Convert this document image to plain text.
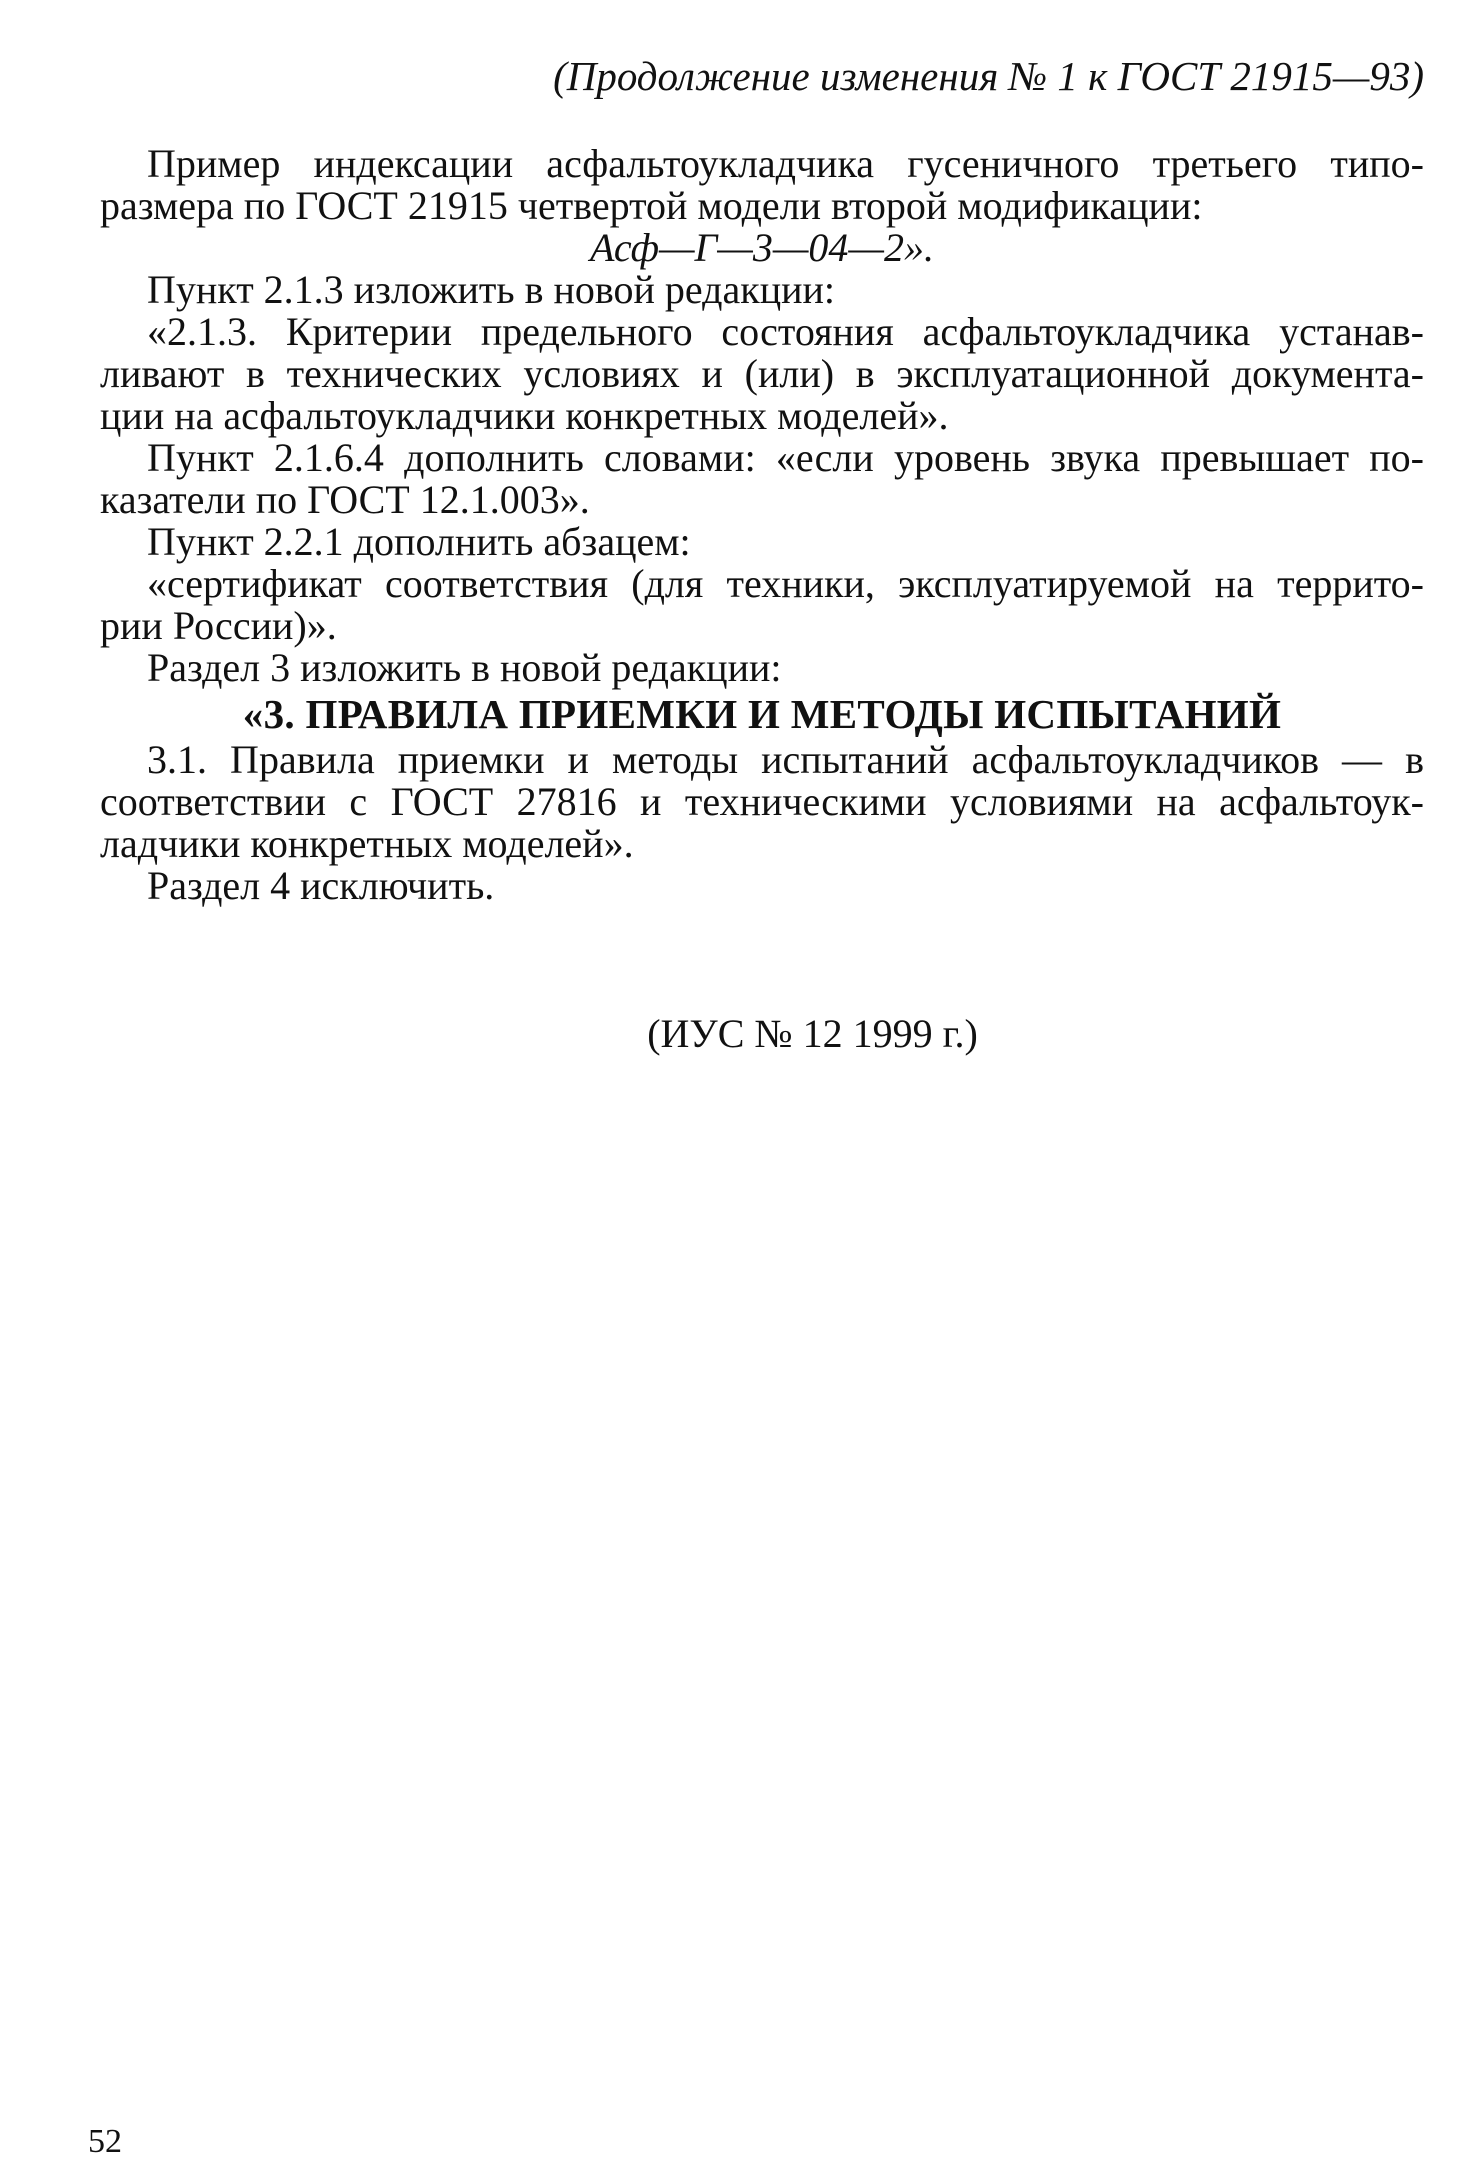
(Продолжение изменения № 1 к ГОСТ 21915—93)
Пример индексации асфальтоукладчика гусеничного третьего типо-
размера по ГОСТ 21915 четвертой модели второй модификации:
Асф—Г—3—04—2».
Пункт 2.1.3 изложить в новой редакции:
«2.1.3. Критерии предельного состояния асфальтоукладчика устанав-
ливают в технических условиях и (или) в эксплуатационной документа-
ции на асфальтоукладчики конкретных моделей».
Пункт 2.1.6.4 дополнить словами: «если уровень звука превышает по-
казатели по ГОСТ 12.1.003».
Пункт 2.2.1 дополнить абзацем:
«сертификат соответствия (для техники, эксплуатируемой на террито-
рии России)».
Раздел 3 изложить в новой редакции:
«3. ПРАВИЛА ПРИЕМКИ И МЕТОДЫ ИСПЫТАНИЙ
3.1. Правила приемки и методы испытаний асфальтоукладчиков — в
соответствии с ГОСТ 27816 и техническими условиями на асфальтоук-
ладчики конкретных моделей».
Раздел 4 исключить.
(ИУС № 12 1999 г.)
52
